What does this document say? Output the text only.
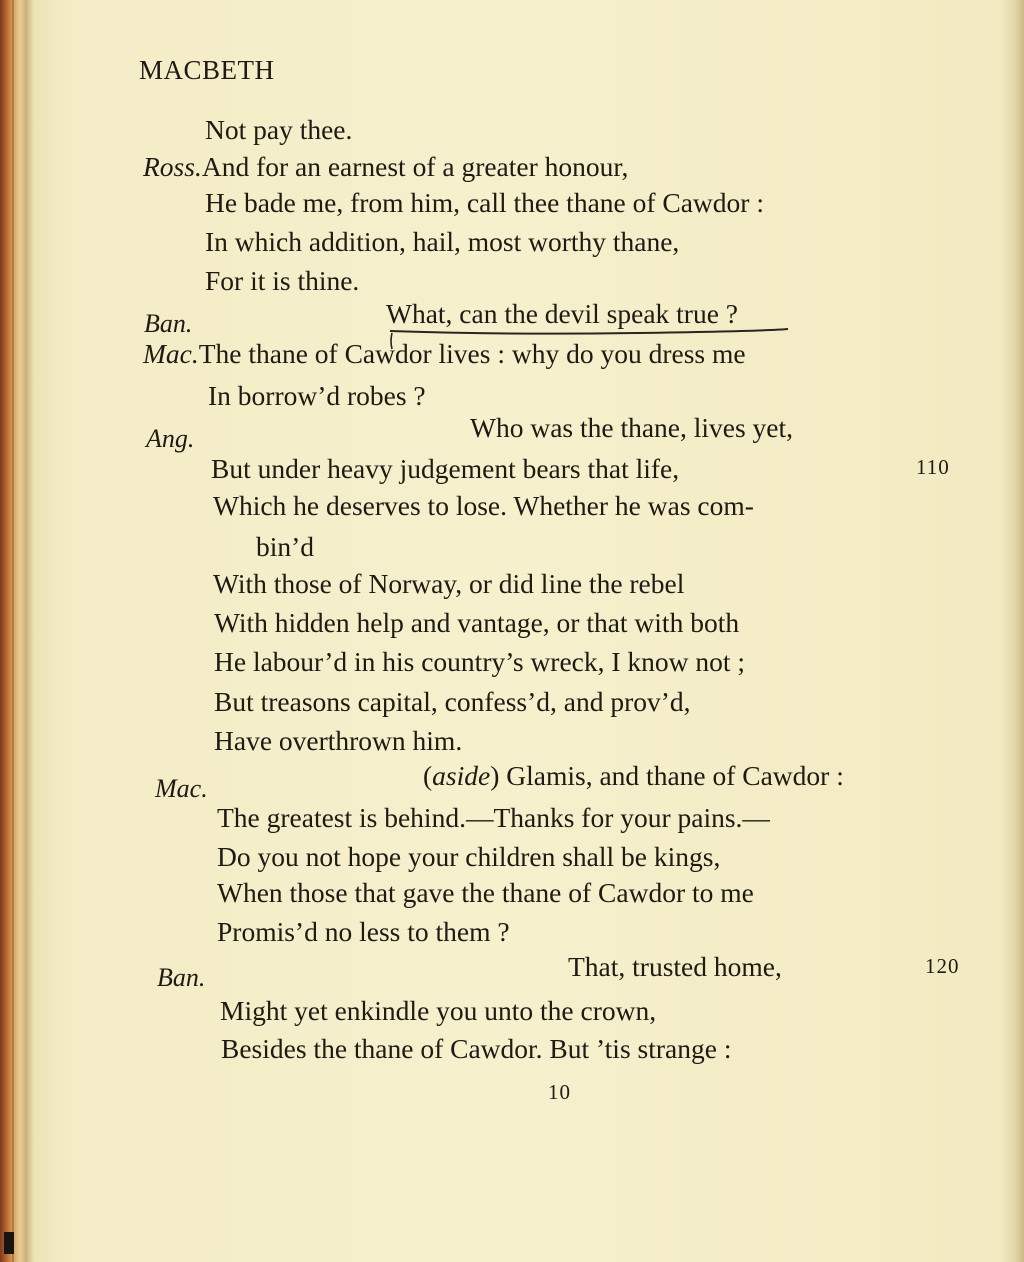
MACBETH
Not pay thee.
Ross.And for an earnest of a greater honour,
He bade me, from him, call thee thane of Cawdor :
In which addition, hail, most worthy thane,
For it is thine.
Ban.	What, can the devil speak true ?
Mac.The thane of Cawdor lives : why do you dress me
In borrow’d robes ?
Ang.	Who was the thane, lives yet,
But under heavy judgement bears that life,	110
Which he deserves to lose. Whether he was com-
bin’d
With those of Norway, or did line the rebel
With hidden help and vantage, or that with both
He labour’d in his country’s wreck, I know not ;
But treasons capital, confess’d, and prov’d,
Have overthrown him.
Mac.	(aside) Glamis, and thane of Cawdor :
The greatest is behind.—Thanks for your pains.—
Do you not hope your children shall be kings,
When those that gave the thane of Cawdor to me
Promis’d no less to them ?
Ban.	That, trusted home,	120
Might yet enkindle you unto the crown,
Besides the thane of Cawdor. But ’tis strange :
10
